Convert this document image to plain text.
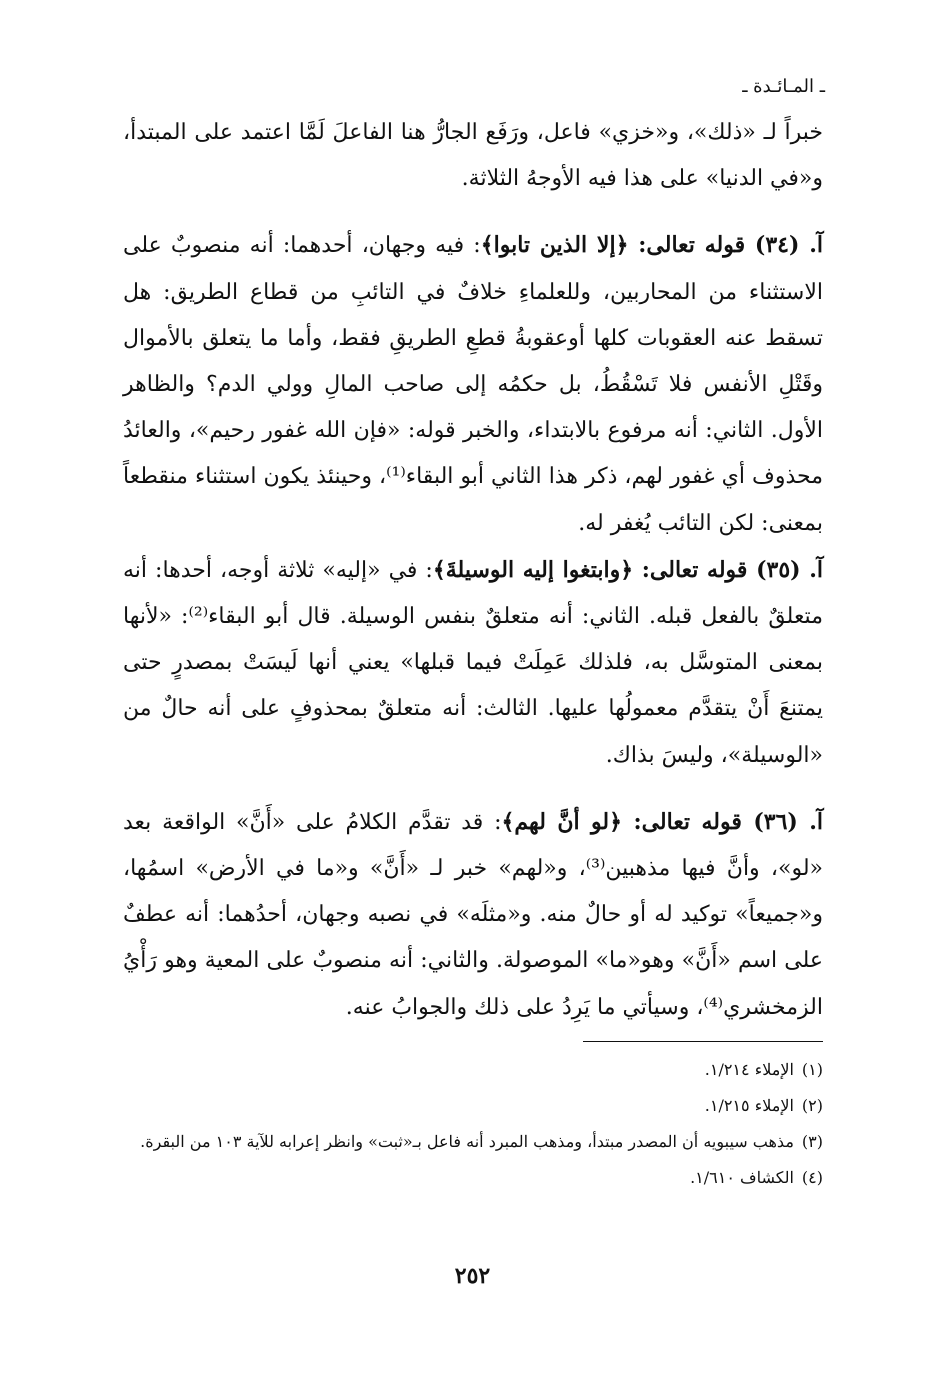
ـ المـائـدة ـ

خبراً لـ «ذلك»، و«خزي» فاعل، ورَفَع الجارُّ هنا الفاعلَ لَمَّا اعتمد على المبتدأ، و«في الدنيا» على هذا فيه الأوجهُ الثلاثة.

آ. (٣٤) قوله تعالى: ﴿إلا الذين تابوا﴾: فيه وجهان، أحدهما: أنه منصوبٌ على الاستثناء من المحاربين، وللعلماءِ خلافٌ في التائبِ من قطاع الطريق: هل تسقط عنه العقوبات كلها أوعقوبةُ قطعِ الطريقِ فقط، وأما ما يتعلق بالأموال وقَتْلِ الأنفس فلا تَسْقُطُ، بل حكمُه إلى صاحب المالِ وولي الدم؟ والظاهر الأول. الثاني: أنه مرفوع بالابتداء، والخبر قوله: «فإن الله غفور رحيم»، والعائدُ محذوف أي غفور لهم، ذكر هذا الثاني أبو البقاء⁽¹⁾، وحينئذ يكون استثناء منقطعاً بمعنى: لكن التائب يُغفر له.

آ. (٣٥) قوله تعالى: ﴿وابتغوا إليه الوسيلةَ﴾: في «إليه» ثلاثة أوجه، أحدها: أنه متعلقٌ بالفعل قبله. الثاني: أنه متعلقٌ بنفس الوسيلة. قال أبو البقاء⁽²⁾: «لأنها بمعنى المتوسَّل به، فلذلك عَمِلَتْ فيما قبلها» يعني أنها لَيسَتْ بمصدرٍ حتى يمتنعَ أَنْ يتقدَّم معمولُها عليها. الثالث: أنه متعلقٌ بمحذوفٍ على أنه حالٌ من «الوسيلة»، وليسَ بذاك.

آ. (٣٦) قوله تعالى: ﴿لو أنَّ لهم﴾: قد تقدَّم الكلامُ على «أَنَّ» الواقعة بعد «لو»، وأنَّ فيها مذهبين⁽³⁾، و«لهم» خبر لـ «أَنَّ» و«ما في الأرض» اسمُها، و«جميعاً» توكيد له أو حالٌ منه. و«مثلَه» في نصبه وجهان، أحدُهما: أنه عطفٌ على اسم «أَنَّ» وهو«ما» الموصولة. والثاني: أنه منصوبٌ على المعية وهو رَأْيُ الزمخشري⁽⁴⁾، وسيأتي ما يَرِدُ على ذلك والجوابُ عنه.

(١)
الإملاء ١/٢١٤.
(٢)
الإملاء ١/٢١٥.
(٣)
مذهب سيبويه أن المصدر مبتدأ، ومذهب المبرد أنه فاعل بـ«ثبت» وانظر إعرابه للآية ١٠٣ من البقرة.
(٤)
الكشاف ١/٦١٠.
٢٥٢
